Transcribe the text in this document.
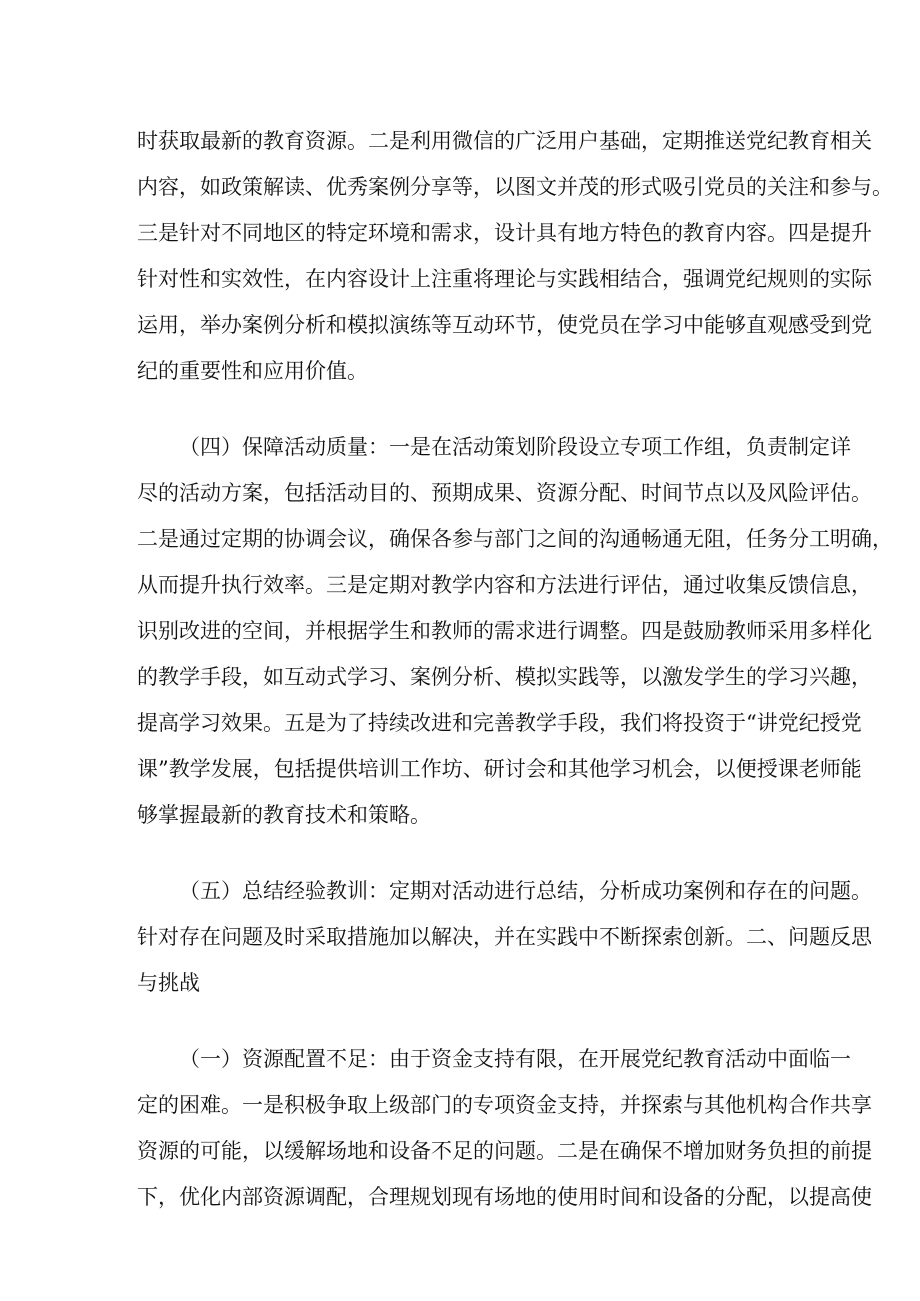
时获取最新的教育资源。二是利用微信的广泛用户基础，定期推送党纪教育相关
内容，如政策解读、优秀案例分享等，以图文并茂的形式吸引党员的关注和参与。
三是针对不同地区的特定环境和需求，设计具有地方特色的教育内容。四是提升
针对性和实效性，在内容设计上注重将理论与实践相结合，强调党纪规则的实际
运用，举办案例分析和模拟演练等互动环节，使党员在学习中能够直观感受到党
纪的重要性和应用价值。
（四）保障活动质量：一是在活动策划阶段设立专项工作组，负责制定详
尽的活动方案，包括活动目的、预期成果、资源分配、时间节点以及风险评估。
二是通过定期的协调会议，确保各参与部门之间的沟通畅通无阻，任务分工明确，
从而提升执行效率。三是定期对教学内容和方法进行评估，通过收集反馈信息，
识别改进的空间，并根据学生和教师的需求进行调整。四是鼓励教师采用多样化
的教学手段，如互动式学习、案例分析、模拟实践等，以激发学生的学习兴趣，
提高学习效果。五是为了持续改进和完善教学手段，我们将投资于“讲党纪授党
课”教学发展，包括提供培训工作坊、研讨会和其他学习机会，以便授课老师能
够掌握最新的教育技术和策略。
（五）总结经验教训：定期对活动进行总结，分析成功案例和存在的问题。
针对存在问题及时采取措施加以解决，并在实践中不断探索创新。二、问题反思
与挑战
（一）资源配置不足：由于资金支持有限，在开展党纪教育活动中面临一
定的困难。一是积极争取上级部门的专项资金支持，并探索与其他机构合作共享
资源的可能，以缓解场地和设备不足的问题。二是在确保不增加财务负担的前提
下，优化内部资源调配，合理规划现有场地的使用时间和设备的分配，以提高使
